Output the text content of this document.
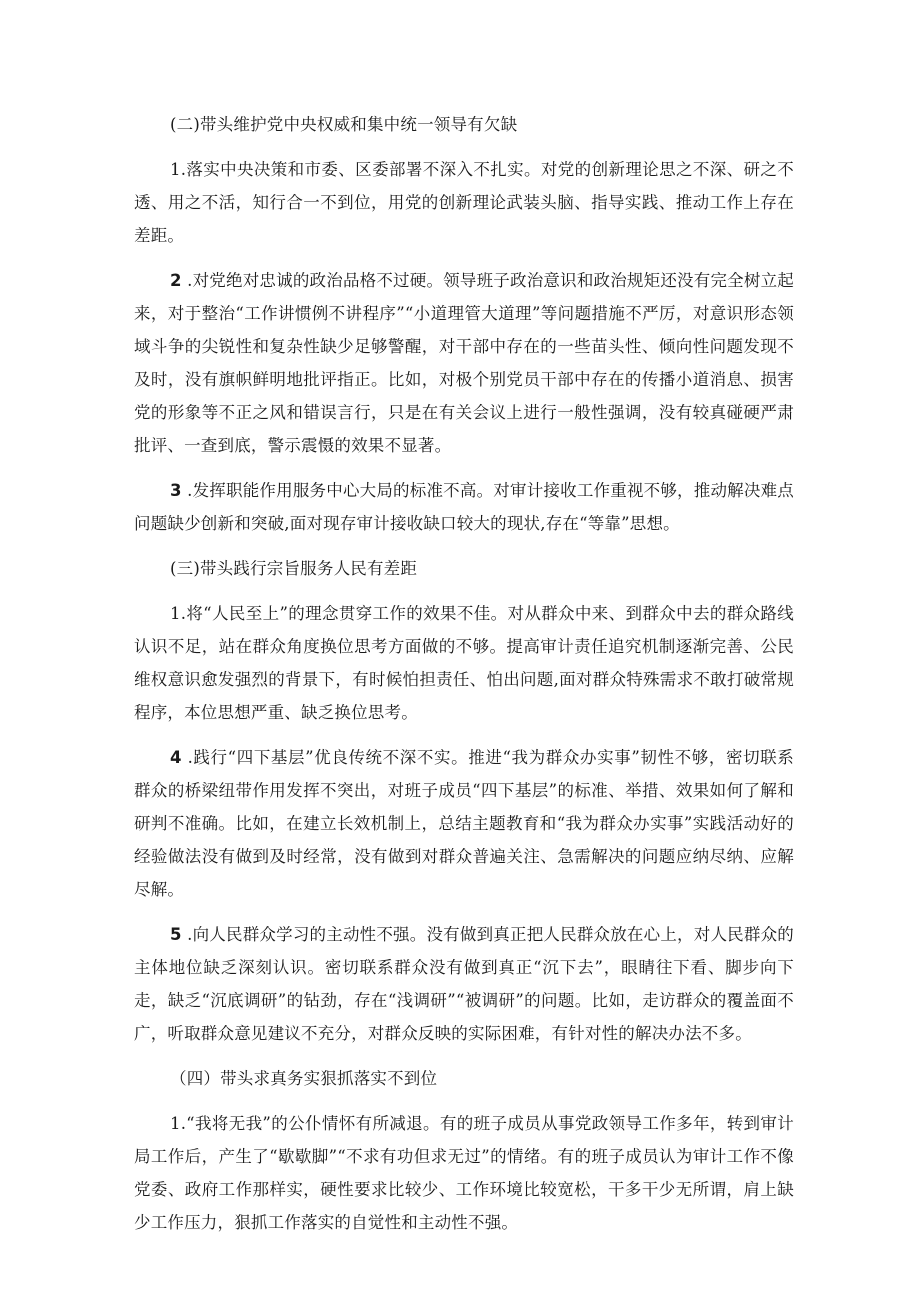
(二)带头维护党中央权威和集中统一领导有欠缺

1.落实中央决策和市委、区委部署不深入不扎实。对党的创新理论思之不深、研之不透、用之不活，知行合一不到位，用党的创新理论武装头脑、指导实践、推动工作上存在差距。

2 .对党绝对忠诚的政治品格不过硬。领导班子政治意识和政治规矩还没有完全树立起来，对于整治“工作讲惯例不讲程序”“小道理管大道理”等问题措施不严厉，对意识形态领域斗争的尖锐性和复杂性缺少足够警醒，对干部中存在的一些苗头性、倾向性问题发现不及时，没有旗帜鲜明地批评指正。比如，对极个别党员干部中存在的传播小道消息、损害党的形象等不正之风和错误言行，只是在有关会议上进行一般性强调，没有较真碰硬严肃批评、一查到底，警示震慑的效果不显著。

3 .发挥职能作用服务中心大局的标准不高。对审计接收工作重视不够，推动解决难点问题缺少创新和突破,面对现存审计接收缺口较大的现状,存在“等靠”思想。

(三)带头践行宗旨服务人民有差距

1.将“人民至上”的理念贯穿工作的效果不佳。对从群众中来、到群众中去的群众路线认识不足，站在群众角度换位思考方面做的不够。提高审计责任追究机制逐渐完善、公民维权意识愈发强烈的背景下，有时候怕担责任、怕出问题,面对群众特殊需求不敢打破常规程序，本位思想严重、缺乏换位思考。

4 .践行“四下基层”优良传统不深不实。推进“我为群众办实事”韧性不够，密切联系群众的桥梁纽带作用发挥不突出，对班子成员“四下基层”的标准、举措、效果如何了解和研判不准确。比如，在建立长效机制上，总结主题教育和“我为群众办实事”实践活动好的经验做法没有做到及时经常，没有做到对群众普遍关注、急需解决的问题应纳尽纳、应解尽解。

5 .向人民群众学习的主动性不强。没有做到真正把人民群众放在心上，对人民群众的主体地位缺乏深刻认识。密切联系群众没有做到真正“沉下去”，眼睛往下看、脚步向下走，缺乏“沉底调研”的钻劲，存在“浅调研”“被调研”的问题。比如，走访群众的覆盖面不广，听取群众意见建议不充分，对群众反映的实际困难，有针对性的解决办法不多。

（四）带头求真务实狠抓落实不到位

1.“我将无我”的公仆情怀有所减退。有的班子成员从事党政领导工作多年，转到审计局工作后，产生了“歇歇脚”“不求有功但求无过”的情绪。有的班子成员认为审计工作不像党委、政府工作那样实，硬性要求比较少、工作环境比较宽松，干多干少无所谓，肩上缺少工作压力，狠抓工作落实的自觉性和主动性不强。
